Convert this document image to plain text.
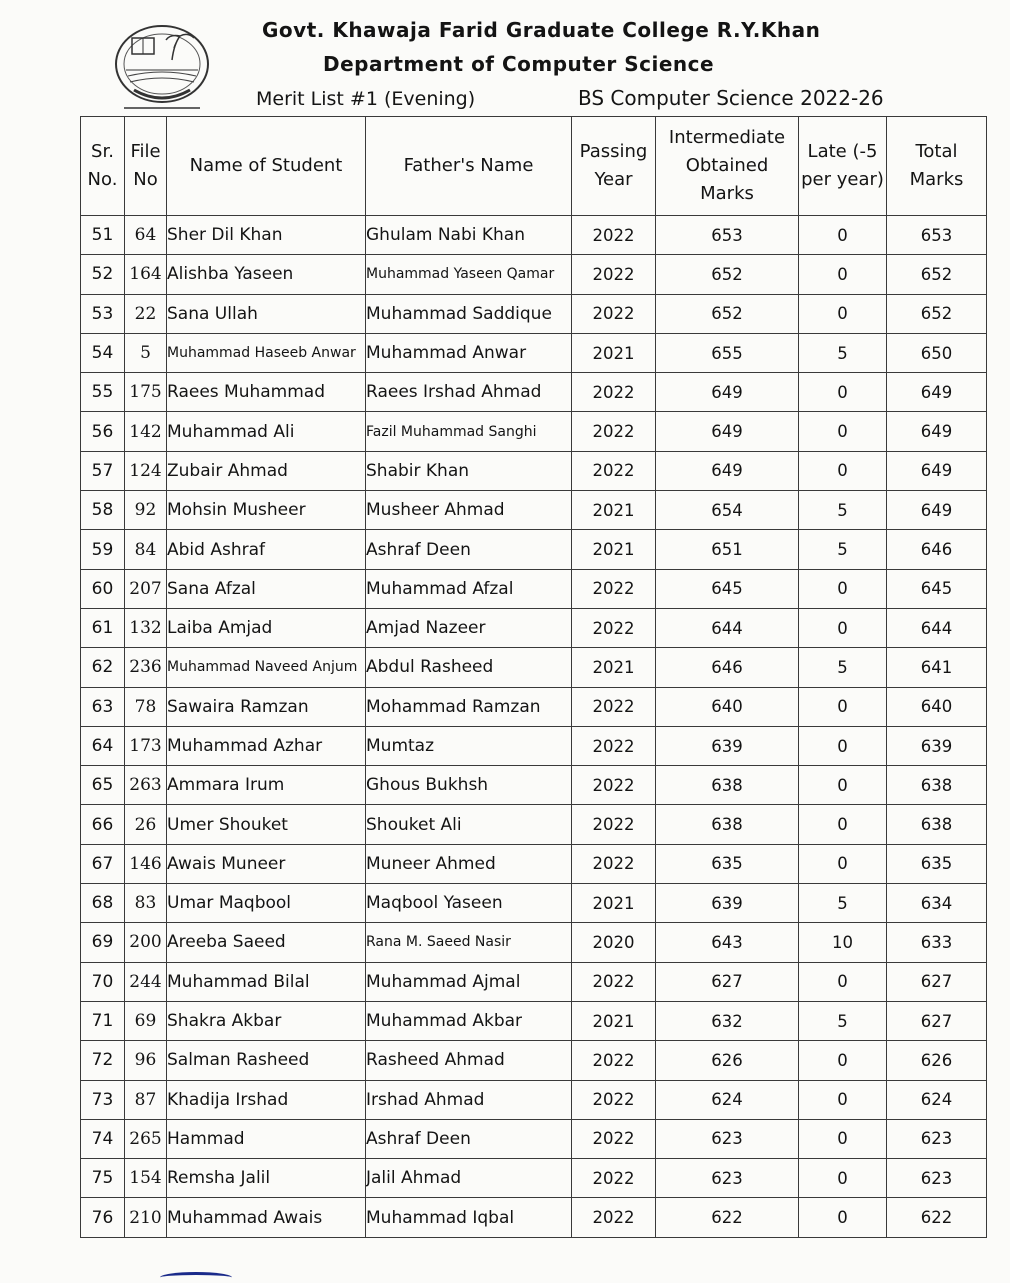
Govt. Khawaja Farid Graduate College R.Y.Khan
Department of Computer Science
Merit List #1 (Evening)	BS Computer Science 2022-26
Sr. No.	File No	Name of Student	Father's Name	Passing Year	Intermediate Obtained Marks	Late (-5 per year)	Total Marks
51	64	Sher Dil Khan	Ghulam Nabi Khan	2022	653	0	653
52	164	Alishba Yaseen	Muhammad Yaseen Qamar	2022	652	0	652
53	22	Sana Ullah	Muhammad Saddique	2022	652	0	652
54	5	Muhammad Haseeb Anwar	Muhammad Anwar	2021	655	5	650
55	175	Raees Muhammad	Raees Irshad Ahmad	2022	649	0	649
56	142	Muhammad Ali	Fazil Muhammad Sanghi	2022	649	0	649
57	124	Zubair Ahmad	Shabir Khan	2022	649	0	649
58	92	Mohsin Musheer	Musheer Ahmad	2021	654	5	649
59	84	Abid Ashraf	Ashraf Deen	2021	651	5	646
60	207	Sana Afzal	Muhammad Afzal	2022	645	0	645
61	132	Laiba Amjad	Amjad Nazeer	2022	644	0	644
62	236	Muhammad Naveed Anjum	Abdul Rasheed	2021	646	5	641
63	78	Sawaira Ramzan	Mohammad Ramzan	2022	640	0	640
64	173	Muhammad Azhar	Mumtaz	2022	639	0	639
65	263	Ammara Irum	Ghous Bukhsh	2022	638	0	638
66	26	Umer Shouket	Shouket Ali	2022	638	0	638
67	146	Awais Muneer	Muneer Ahmed	2022	635	0	635
68	83	Umar Maqbool	Maqbool Yaseen	2021	639	5	634
69	200	Areeba Saeed	Rana M. Saeed Nasir	2020	643	10	633
70	244	Muhammad Bilal	Muhammad Ajmal	2022	627	0	627
71	69	Shakra Akbar	Muhammad Akbar	2021	632	5	627
72	96	Salman Rasheed	Rasheed Ahmad	2022	626	0	626
73	87	Khadija Irshad	Irshad Ahmad	2022	624	0	624
74	265	Hammad	Ashraf Deen	2022	623	0	623
75	154	Remsha Jalil	Jalil Ahmad	2022	623	0	623
76	210	Muhammad Awais	Muhammad Iqbal	2022	622	0	622
